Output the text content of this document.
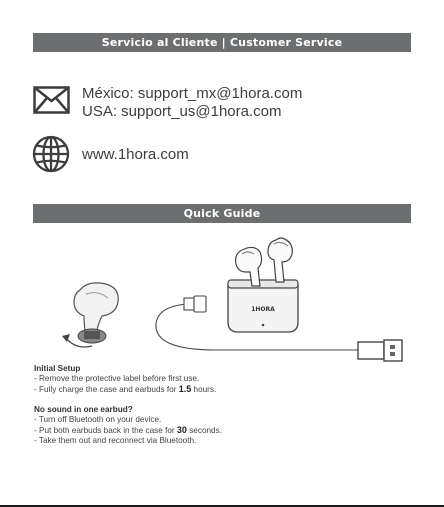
Servicio al Cliente | Customer Service
México: support_mx@1hora.com
USA: support_us@1hora.com
www.1hora.com
Quick Guide
1HORA
Initial Setup
- Remove the protective label before first use.
- Fully charge the case and earbuds for 1.5 hours.
No sound in one earbud?
- Turn off Bluetooth on your device.
- Put both earbuds back in the case for 30 seconds.
- Take them out and reconnect via Bluetooth.
